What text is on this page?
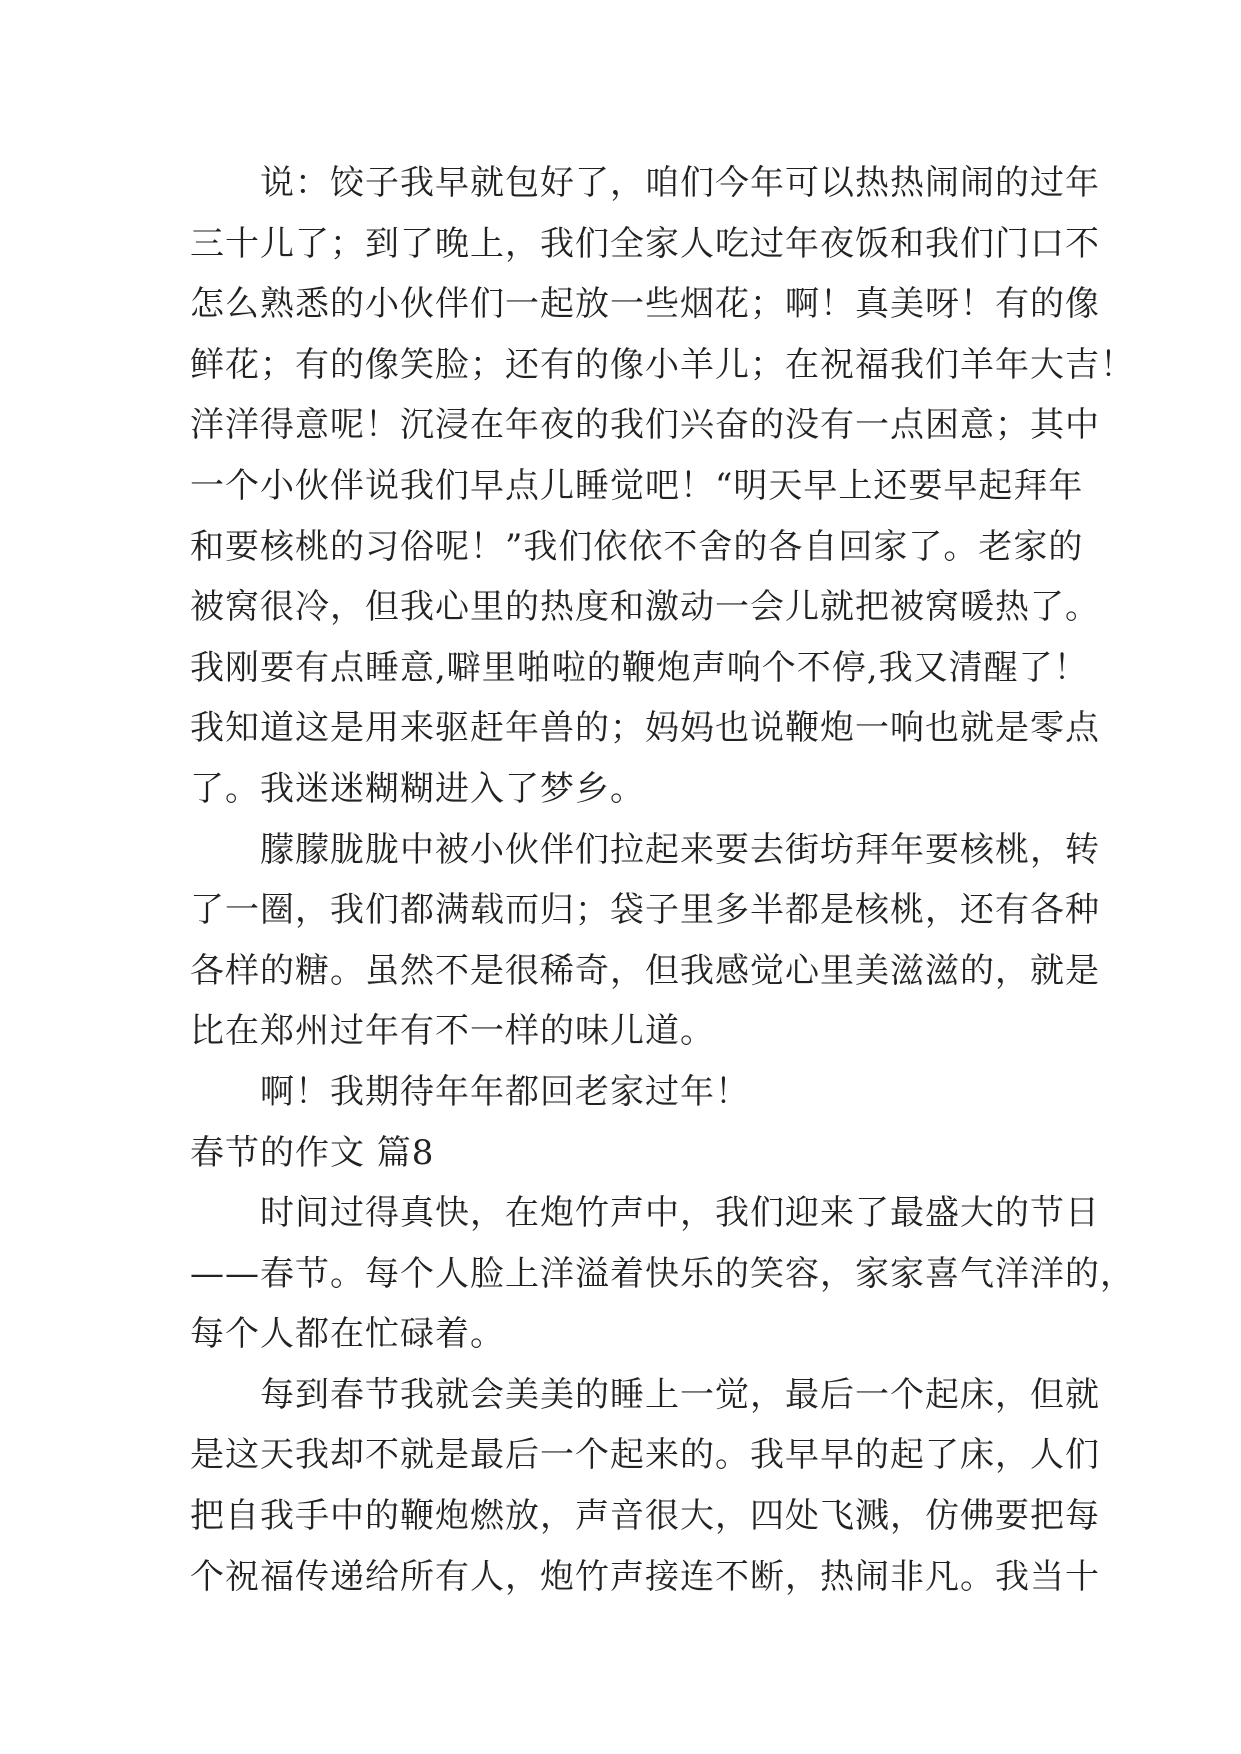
说：饺子我早就包好了，咱们今年可以热热闹闹的过年
三十儿了；到了晚上，我们全家人吃过年夜饭和我们门口不
怎么熟悉的小伙伴们一起放一些烟花；啊！真美呀！有的像
鲜花；有的像笑脸；还有的像小羊儿；在祝福我们羊年大吉！
洋洋得意呢！沉浸在年夜的我们兴奋的没有一点困意；其中
一个小伙伴说我们早点儿睡觉吧！“明天早上还要早起拜年
和要核桃的习俗呢！”我们依依不舍的各自回家了。老家的
被窝很冷，但我心里的热度和激动一会儿就把被窝暖热了。
我刚要有点睡意,噼里啪啦的鞭炮声响个不停,我又清醒了！
我知道这是用来驱赶年兽的；妈妈也说鞭炮一响也就是零点
了。我迷迷糊糊进入了梦乡。
朦朦胧胧中被小伙伴们拉起来要去街坊拜年要核桃，转
了一圈，我们都满载而归；袋子里多半都是核桃，还有各种
各样的糖。虽然不是很稀奇，但我感觉心里美滋滋的，就是
比在郑州过年有不一样的味儿道。
啊！我期待年年都回老家过年！
春节的作文 篇8
时间过得真快，在炮竹声中，我们迎来了最盛大的节日
——春节。每个人脸上洋溢着快乐的笑容，家家喜气洋洋的，
每个人都在忙碌着。
每到春节我就会美美的睡上一觉，最后一个起床，但就
是这天我却不就是最后一个起来的。我早早的起了床，人们
把自我手中的鞭炮燃放，声音很大，四处飞溅，仿佛要把每
个祝福传递给所有人，炮竹声接连不断，热闹非凡。我当十
